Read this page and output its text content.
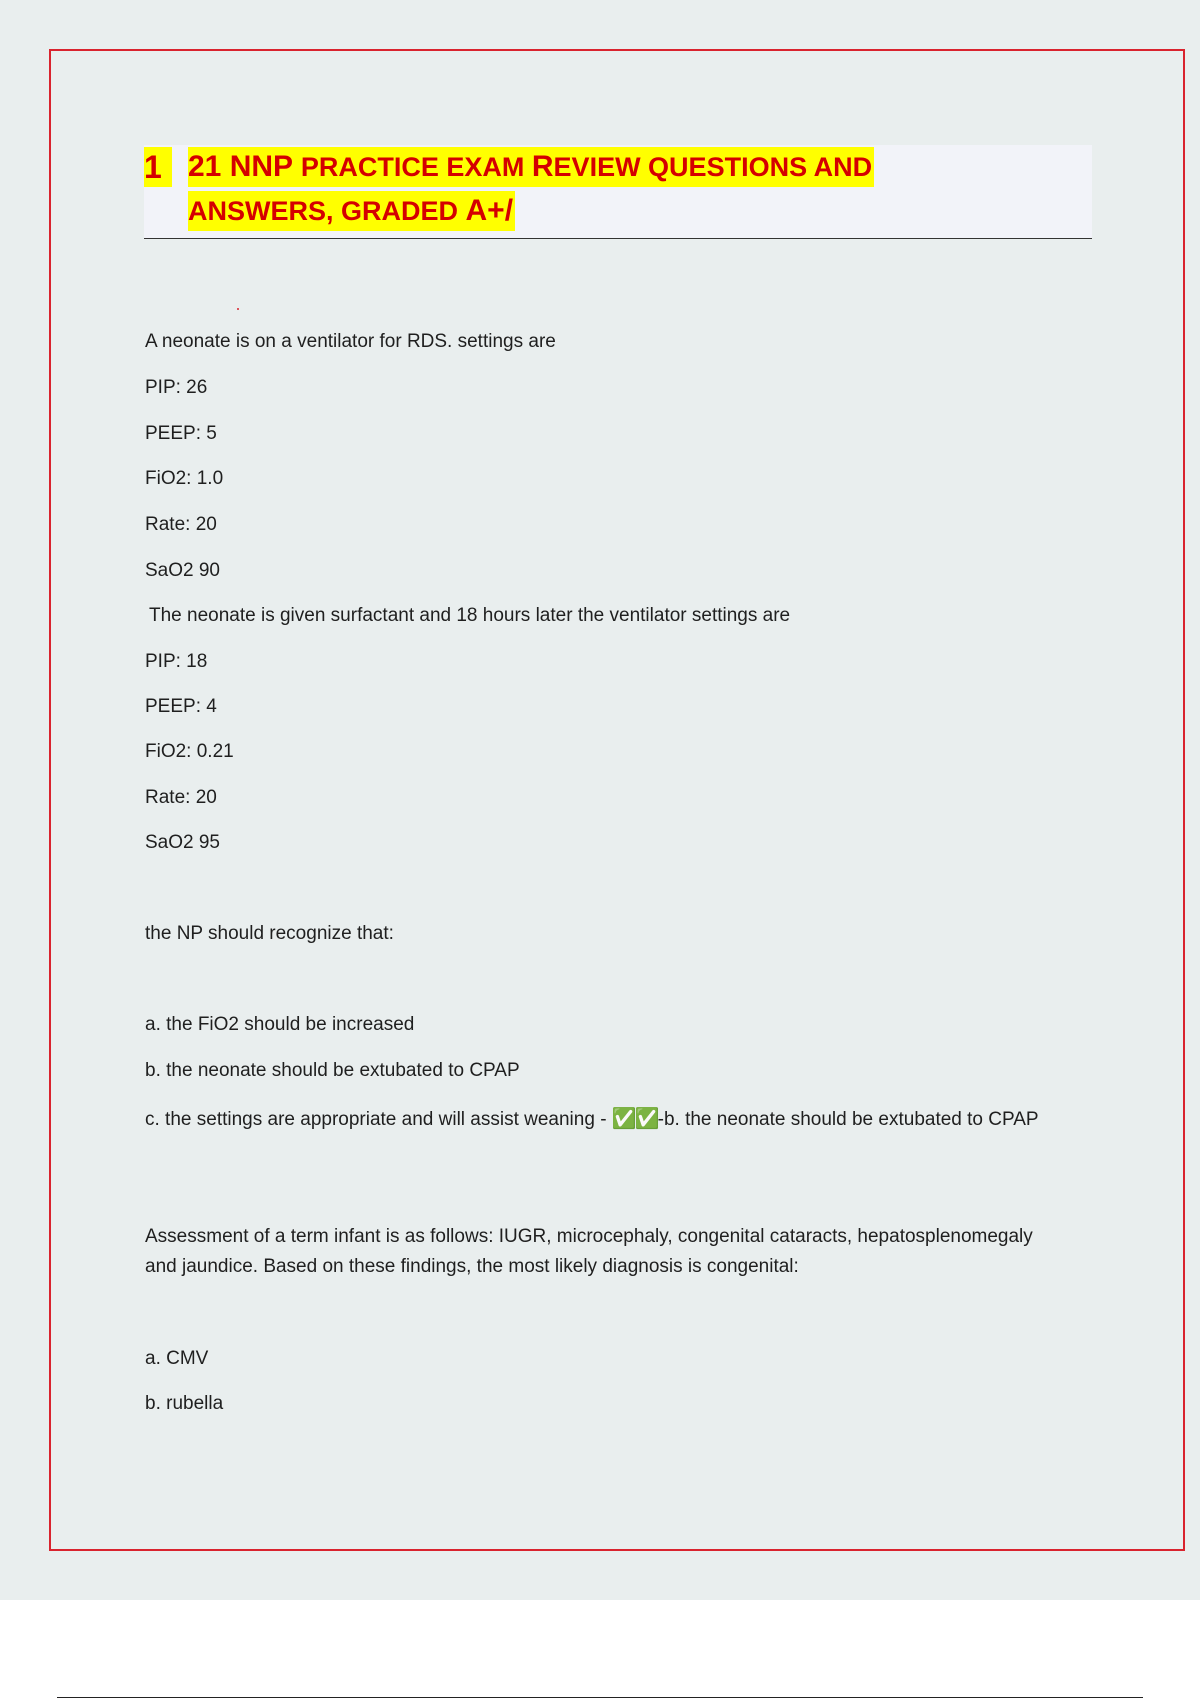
1 21 NNP PRACTICE EXAM REVIEW QUESTIONS AND
ANSWERS, GRADED A+/
A neonate is on a ventilator for RDS. settings are
PIP: 26
PEEP: 5
FiO2: 1.0
Rate: 20
SaO2 90
The neonate is given surfactant and 18 hours later the ventilator settings are
PIP: 18
PEEP: 4
FiO2: 0.21
Rate: 20
SaO2 95
the NP should recognize that:
a. the FiO2 should be increased
b. the neonate should be extubated to CPAP
c. the settings are appropriate and will assist weaning - ✅✅-b. the neonate should be extubated to CPAP
Assessment of a term infant is as follows: IUGR, microcephaly, congenital cataracts, hepatosplenomegaly and jaundice. Based on these findings, the most likely diagnosis is congenital:
a. CMV
b. rubella
